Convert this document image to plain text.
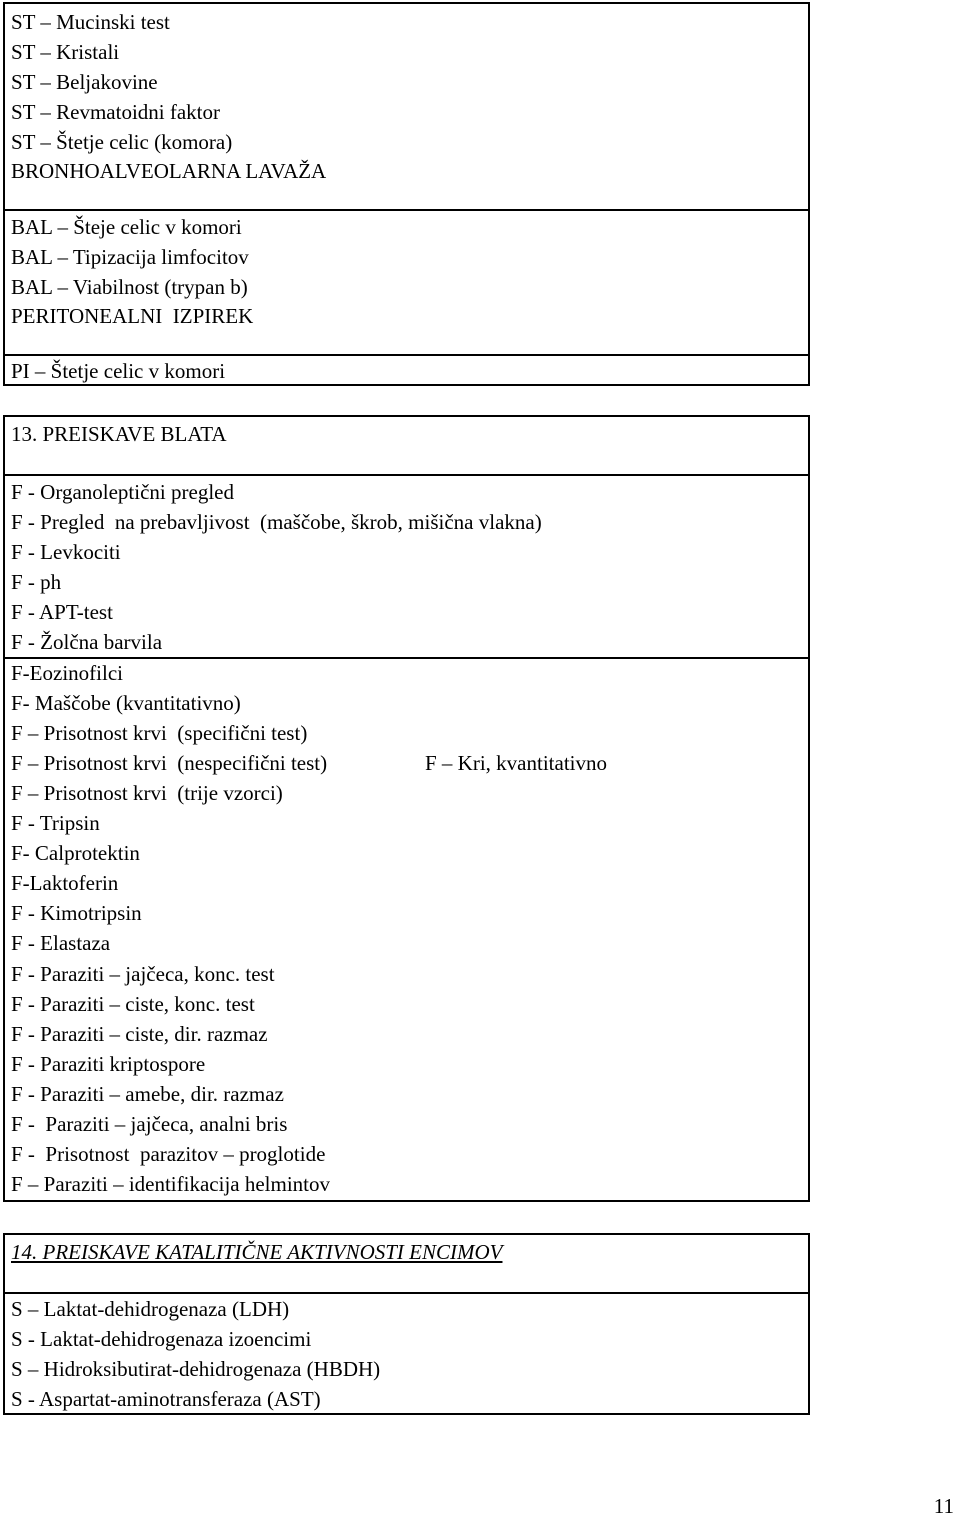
ST – Mucinski test
ST – Kristali
ST – Beljakovine
ST – Revmatoidni faktor
ST – Štetje celic (komora)
BRONHOALVEOLARNA LAVAŽA
BAL – Šteje celic v komori
BAL – Tipizacija limfocitov
BAL – Viabilnost (trypan b)
PERITONEALNI  IZPIREK
PI – Štetje celic v komori
13. PREISKAVE BLATA
F - Organoleptični pregled
F - Pregled  na prebavljivost  (maščobe, škrob, mišična vlakna)
F - Levkociti
F - ph
F - APT-test
F - Žolčna barvila
F-Eozinofilci
F- Maščobe (kvantitativno)
F – Prisotnost krvi  (specifični test)
F – Prisotnost krvi  (nespecifični test)	F – Kri, kvantitativno
F – Prisotnost krvi  (trije vzorci)
F - Tripsin
F- Calprotektin
F-Laktoferin
F - Kimotripsin
F - Elastaza
F - Paraziti – jajčeca, konc. test
F - Paraziti – ciste, konc. test
F - Paraziti – ciste, dir. razmaz
F - Paraziti kriptospore
F - Paraziti – amebe, dir. razmaz
F -  Paraziti – jajčeca, analni bris
F -  Prisotnost  parazitov – proglotide
F – Paraziti – identifikacija helmintov
14. PREISKAVE KATALITIČNE AKTIVNOSTI ENCIMOV
S – Laktat-dehidrogenaza (LDH)
S - Laktat-dehidrogenaza izoencimi
S – Hidroksibutirat-dehidrogenaza (HBDH)
S - Aspartat-aminotransferaza (AST)
11
